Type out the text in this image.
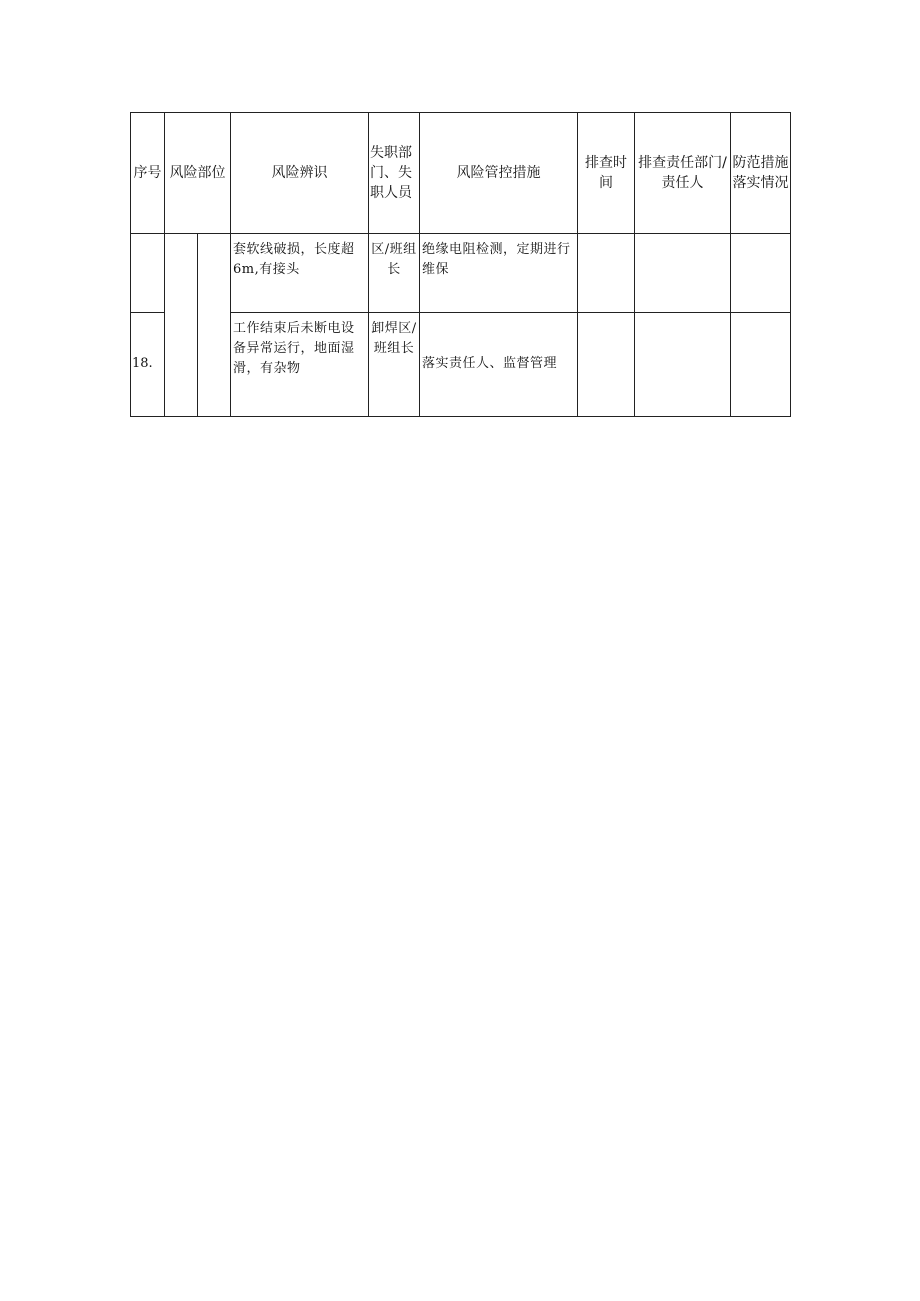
序号	风险部位		风险辨识	失职部门、失职人员	风险管控措施	排查时间	排查责任部门/责任人	防范措施落实情况
			套软线破损，长度超6m,有接头	区/班组长	绝缘电阻检测，定期进行维保			
18.			工作结束后未断电设备异常运行，地面湿滑，有杂物	卸焊区/班组长	落实责任人、监督管理			
